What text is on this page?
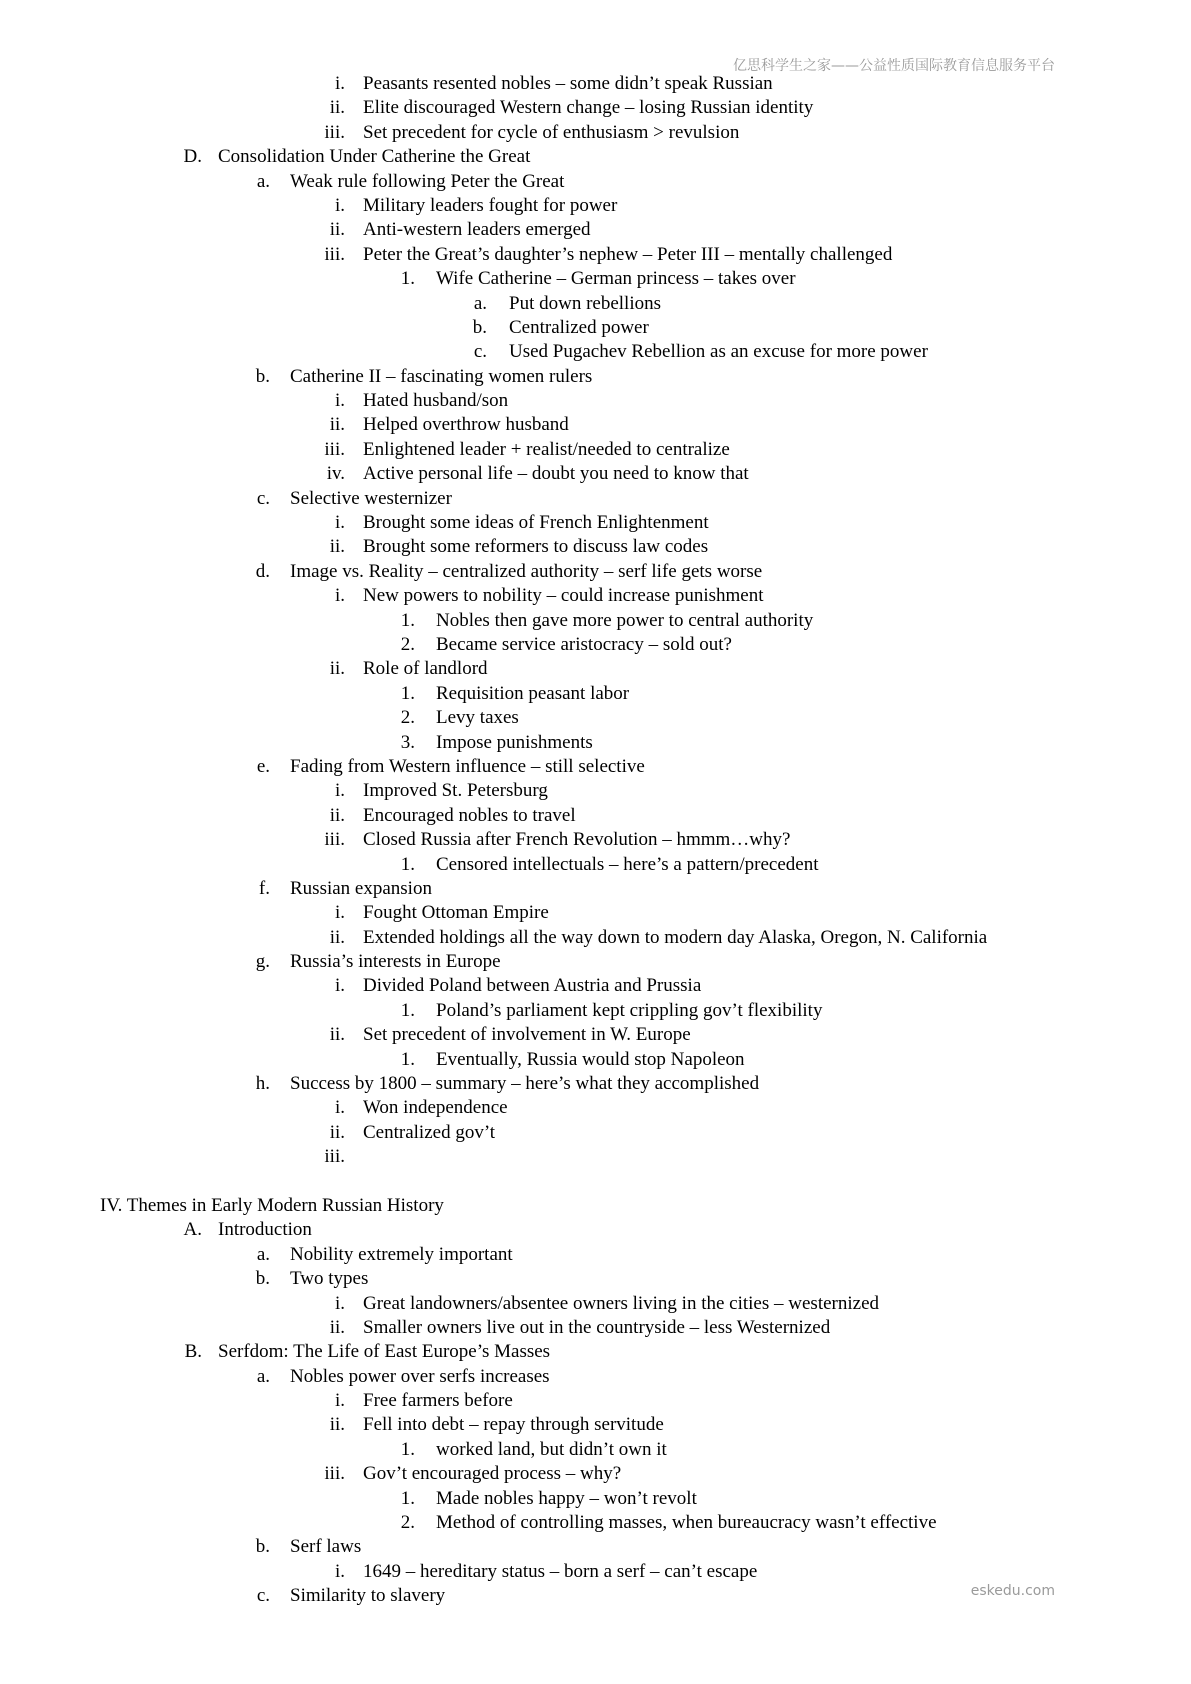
亿思科学生之家——公益性质国际教育信息服务平台
i. Peasants resented nobles – some didn’t speak Russian
ii. Elite discouraged Western change – losing Russian identity
iii. Set precedent for cycle of enthusiasm > revulsion
D. Consolidation Under Catherine the Great
a. Weak rule following Peter the Great
i. Military leaders fought for power
ii. Anti-western leaders emerged
iii. Peter the Great’s daughter’s nephew – Peter III – mentally challenged
1. Wife Catherine – German princess – takes over
a. Put down rebellions
b. Centralized power
c. Used Pugachev Rebellion as an excuse for more power
b. Catherine II – fascinating women rulers
i. Hated husband/son
ii. Helped overthrow husband
iii. Enlightened leader + realist/needed to centralize
iv. Active personal life – doubt you need to know that
c. Selective westernizer
i. Brought some ideas of French Enlightenment
ii. Brought some reformers to discuss law codes
d. Image vs. Reality – centralized authority – serf life gets worse
i. New powers to nobility – could increase punishment
1. Nobles then gave more power to central authority
2. Became service aristocracy – sold out?
ii. Role of landlord
1. Requisition peasant labor
2. Levy taxes
3. Impose punishments
e. Fading from Western influence – still selective
i. Improved St. Petersburg
ii. Encouraged nobles to travel
iii. Closed Russia after French Revolution – hmmm…why?
1. Censored intellectuals – here’s a pattern/precedent
f. Russian expansion
i. Fought Ottoman Empire
ii. Extended holdings all the way down to modern day Alaska, Oregon, N. California
g. Russia’s interests in Europe
i. Divided Poland between Austria and Prussia
1. Poland’s parliament kept crippling gov’t flexibility
ii. Set precedent of involvement in W. Europe
1. Eventually, Russia would stop Napoleon
h. Success by 1800 – summary – here’s what they accomplished
i. Won independence
ii. Centralized gov’t
iii.
IV. Themes in Early Modern Russian History
A. Introduction
a. Nobility extremely important
b. Two types
i. Great landowners/absentee owners living in the cities – westernized
ii. Smaller owners live out in the countryside – less Westernized
B. Serfdom: The Life of East Europe’s Masses
a. Nobles power over serfs increases
i. Free farmers before
ii. Fell into debt – repay through servitude
1. worked land, but didn’t own it
iii. Gov’t encouraged process – why?
1. Made nobles happy – won’t revolt
2. Method of controlling masses, when bureaucracy wasn’t effective
b. Serf laws
i. 1649 – hereditary status – born a serf – can’t escape
c. Similarity to slavery	eskedu.com
